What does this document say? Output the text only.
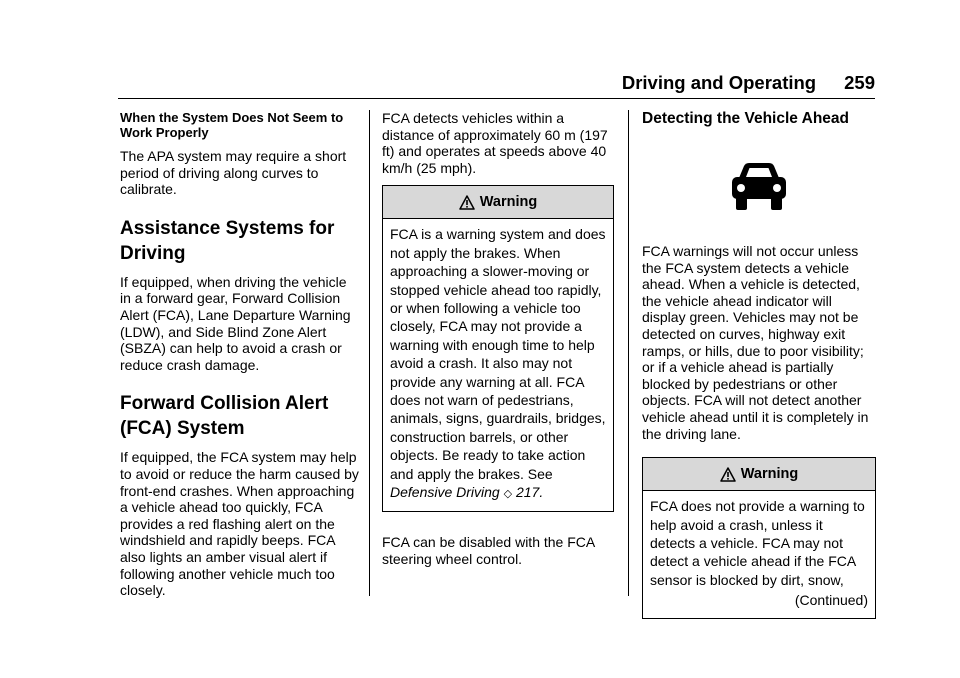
Driving and Operating 259

When the System Does Not Seem to Work Properly

The APA system may require a short period of driving along curves to calibrate.

Assistance Systems for Driving

If equipped, when driving the vehicle in a forward gear, Forward Collision Alert (FCA), Lane Departure Warning (LDW), and Side Blind Zone Alert (SBZA) can help to avoid a crash or reduce crash damage.

Forward Collision Alert (FCA) System

If equipped, the FCA system may help to avoid or reduce the harm caused by front-end crashes. When approaching a vehicle ahead too quickly, FCA provides a red flashing alert on the windshield and rapidly beeps. FCA also lights an amber visual alert if following another vehicle much too closely.

FCA detects vehicles within a distance of approximately 60 m (197 ft) and operates at speeds above 40 km/h (25 mph).

Warning
FCA is a warning system and does not apply the brakes. When approaching a slower-moving or stopped vehicle ahead too rapidly, or when following a vehicle too closely, FCA may not provide a warning with enough time to help avoid a crash. It also may not provide any warning at all. FCA does not warn of pedestrians, animals, signs, guardrails, bridges, construction barrels, or other objects. Be ready to take action and apply the brakes. See
Defensive Driving ◇ 217.

FCA can be disabled with the FCA steering wheel control.

Detecting the Vehicle Ahead

FCA warnings will not occur unless the FCA system detects a vehicle ahead. When a vehicle is detected, the vehicle ahead indicator will display green. Vehicles may not be detected on curves, highway exit ramps, or hills, due to poor visibility; or if a vehicle ahead is partially blocked by pedestrians or other objects. FCA will not detect another vehicle ahead until it is completely in the driving lane.

Warning
FCA does not provide a warning to help avoid a crash, unless it detects a vehicle. FCA may not detect a vehicle ahead if the FCA sensor is blocked by dirt, snow,
(Continued)
